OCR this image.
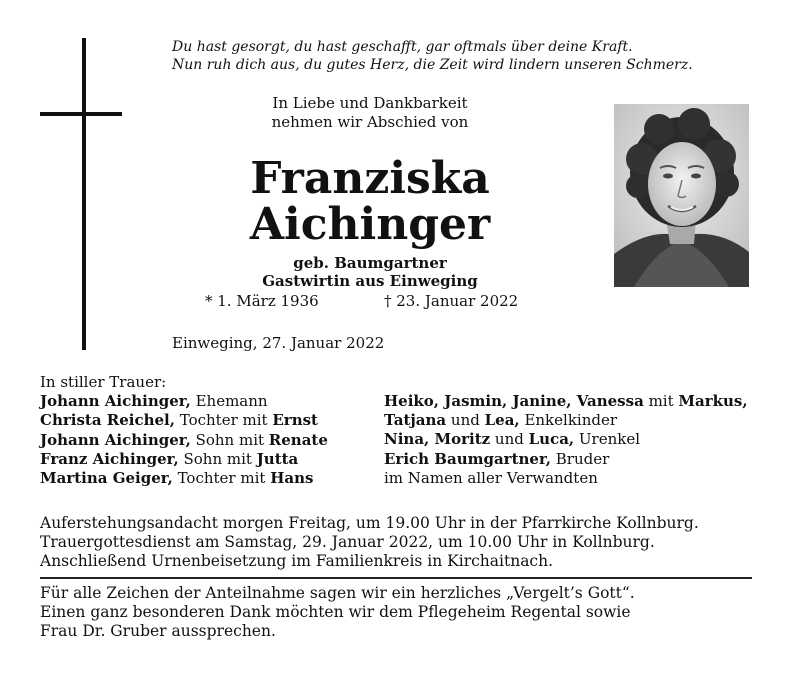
Du hast gesorgt, du hast geschafft, gar oftmals über deine Kraft.
Nun ruh dich aus, du gutes Herz, die Zeit wird lindern unseren Schmerz.
In Liebe und Dankbarkeit
nehmen wir Abschied von
Franziska
Aichinger
geb. Baumgartner
Gastwirtin aus Einweging
* 1. März 1936	† 23. Januar 2022
Einweging, 27. Januar 2022
In stiller Trauer:
Johann Aichinger, Ehemann
Christa Reichel, Tochter mit Ernst
Johann Aichinger, Sohn mit Renate
Franz Aichinger, Sohn mit Jutta
Martina Geiger, Tochter mit Hans
Heiko, Jasmin, Janine, Vanessa mit Markus,
Tatjana und Lea, Enkelkinder
Nina, Moritz und Luca, Urenkel
Erich Baumgartner, Bruder
im Namen aller Verwandten
Auferstehungsandacht morgen Freitag, um 19.00 Uhr in der Pfarrkirche Kollnburg.
Trauergottesdienst am Samstag, 29. Januar 2022, um 10.00 Uhr in Kollnburg.
Anschließend Urnenbeisetzung im Familienkreis in Kirchaitnach.
Für alle Zeichen der Anteilnahme sagen wir ein herzliches „Vergelt’s Gott“.
Einen ganz besonderen Dank möchten wir dem Pflegeheim Regental sowie
Frau Dr. Gruber aussprechen.
